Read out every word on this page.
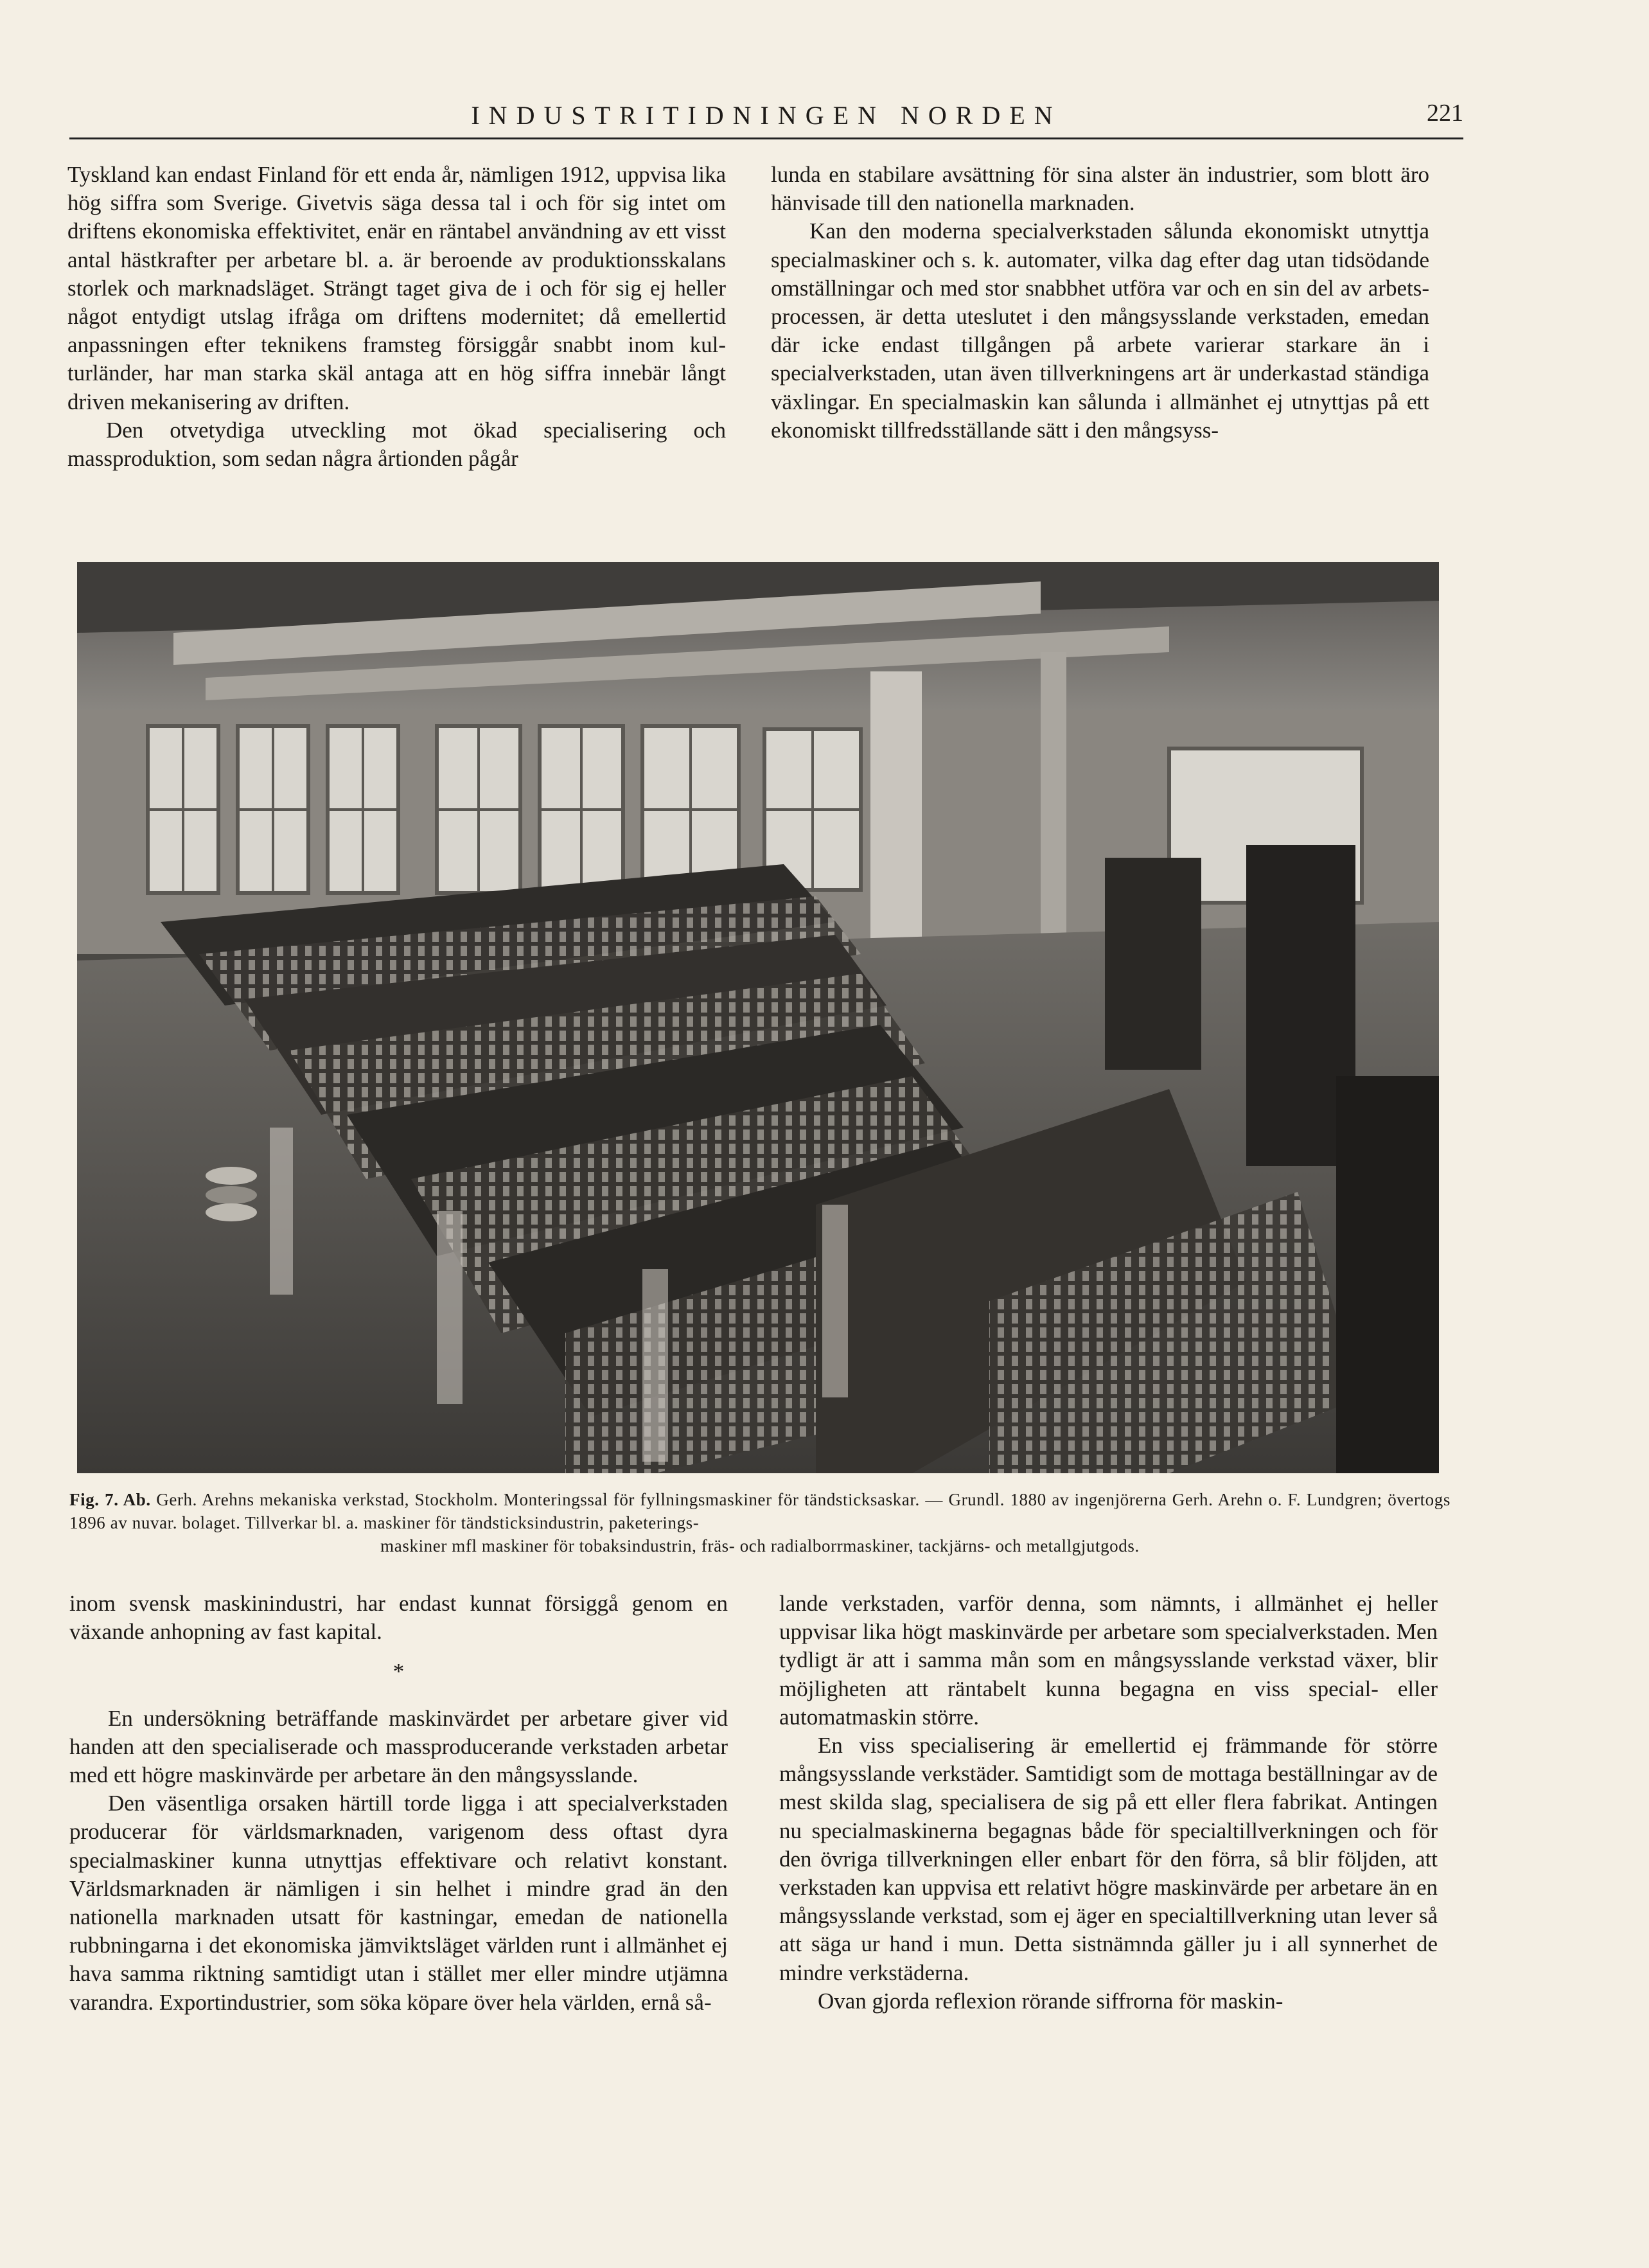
INDUSTRITIDNINGEN NORDEN	221

Tyskland kan endast Finland för ett enda år, nämligen 1912, uppvisa lika hög siffra som Sverige. Givetvis säga dessa tal i och för sig intet om driftens ekonomiska effektivitet, enär en räntabel användning av ett visst antal hästkrafter per arbetare bl. a. är beroende av produktionsskalans storlek och marknadsläget. Strängt taget giva de i och för sig ej heller något entydigt utslag ifråga om driftens modernitet; då emellertid anpassningen efter teknikens framsteg försiggår snabbt inom kulturländer, har man starka skäl antaga att en hög siffra innebär långt driven mekanisering av driften.

Den otvetydiga utveckling mot ökad specialisering och massproduktion, som sedan några årtionden pågår

lunda en stabilare avsättning för sina alster än industrier, som blott äro hänvisade till den nationella marknaden.

Kan den moderna specialverkstaden sålunda ekonomiskt utnyttja specialmaskiner och s. k. automater, vilka dag efter dag utan tidsödande omställningar och med stor snabbhet utföra var och en sin del av arbetsprocessen, är detta uteslutet i den mångsysslande verkstaden, emedan där icke endast tillgången på arbete varierar starkare än i specialverkstaden, utan även tillverkningens art är underkastad ständiga växlingar. En specialmaskin kan sålunda i allmänhet ej utnyttjas på ett ekonomiskt tillfredsställande sätt i den mångsyss-

Fig. 7. Ab. Gerh. Arehns mekaniska verkstad, Stockholm. Monteringssal för fyllningsmaskiner för tändsticksaskar. — Grundl. 1880 av ingenjörerna Gerh. Arehn o. F. Lundgren; övertogs 1896 av nuvar. bolaget. Tillverkar bl. a. maskiner för tändsticksindustrin, paketerings-
maskiner mfl maskiner för tobaksindustrin, fräs- och radialborrmaskiner, tackjärns- och metallgjutgods.

inom svensk maskinindustri, har endast kunnat försiggå genom en växande anhopning av fast kapital.

*

En undersökning beträffande maskinvärdet per arbetare giver vid handen att den specialiserade och massproducerande verkstaden arbetar med ett högre maskinvärde per arbetare än den mångsysslande.

Den väsentliga orsaken härtill torde ligga i att specialverkstaden producerar för världsmarknaden, varigenom dess oftast dyra specialmaskiner kunna utnyttjas effektivare och relativt konstant. Världsmarknaden är nämligen i sin helhet i mindre grad än den nationella marknaden utsatt för kastningar, emedan de nationella rubbningarna i det ekonomiska jämviktsläget världen runt i allmänhet ej hava samma riktning samtidigt utan i stället mer eller mindre utjämna varandra. Exportindustrier, som söka köpare över hela världen, ernå så-

lande verkstaden, varför denna, som nämnts, i allmänhet ej heller uppvisar lika högt maskinvärde per arbetare som specialverkstaden. Men tydligt är att i samma mån som en mångsysslande verkstad växer, blir möjligheten att räntabelt kunna begagna en viss special- eller automatmaskin större.

En viss specialisering är emellertid ej främmande för större mångsysslande verkstäder. Samtidigt som de mottaga beställningar av de mest skilda slag, specialisera de sig på ett eller flera fabrikat. Antingen nu specialmaskinerna begagnas både för specialtillverkningen och för den övriga tillverkningen eller enbart för den förra, så blir följden, att verkstaden kan uppvisa ett relativt högre maskinvärde per arbetare än en mångsysslande verkstad, som ej äger en specialtillverkning utan lever så att säga ur hand i mun. Detta sistnämnda gäller ju i all synnerhet de mindre verkstäderna.

Ovan gjorda reflexion rörande siffrorna för maskin-
